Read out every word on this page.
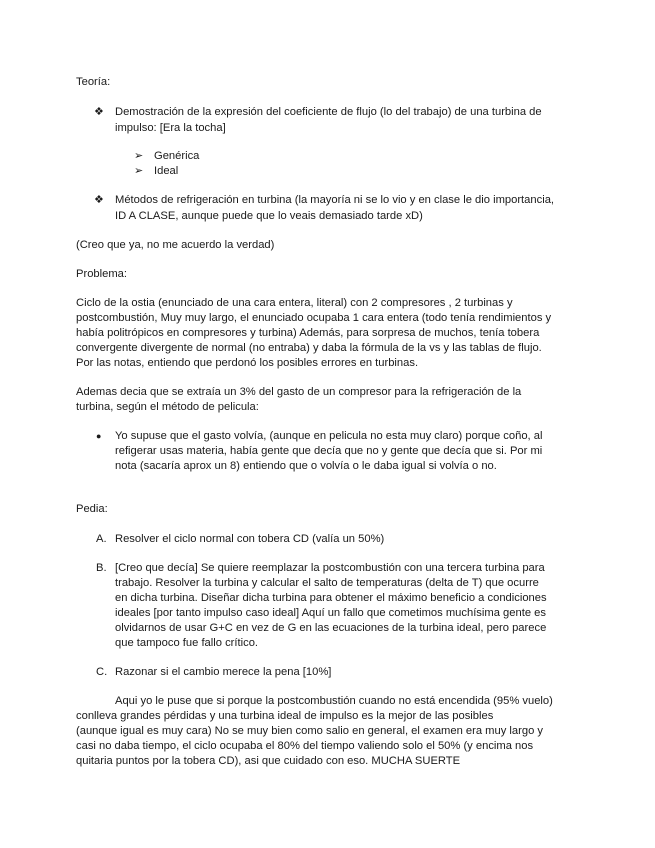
Teoría:
❖ Demostración de la expresión del coeficiente de flujo (lo del trabajo) de una turbina de
impulso: [Era la tocha]
➢ Genérica
➢ Ideal
❖ Métodos de refrigeración en turbina (la mayoría ni se lo vio y en clase le dio importancia,
ID A CLASE, aunque puede que lo veais demasiado tarde xD)
(Creo que ya, no me acuerdo la verdad)
Problema:
Ciclo de la ostia (enunciado de una cara entera, literal) con 2 compresores , 2 turbinas y
postcombustión, Muy muy largo, el enunciado ocupaba 1 cara entera (todo tenía rendimientos y
había politrópicos en compresores y turbina) Además, para sorpresa de muchos, tenía tobera
convergente divergente de normal (no entraba) y daba la fórmula de la vs y las tablas de flujo.
Por las notas, entiendo que perdonó los posibles errores en turbinas.
Ademas decia que se extraía un 3% del gasto de un compresor para la refrigeración de la
turbina, según el método de pelicula:
● Yo supuse que el gasto volvía, (aunque en pelicula no esta muy claro) porque coño, al
refigerar usas materia, había gente que decía que no y gente que decía que si. Por mi
nota (sacaría aprox un 8) entiendo que o volvía o le daba igual si volvía o no.
Pedia:
A. Resolver el ciclo normal con tobera CD (valía un 50%)
B. [Creo que decía] Se quiere reemplazar la postcombustión con una tercera turbina para
trabajo. Resolver la turbina y calcular el salto de temperaturas (delta de T) que ocurre
en dicha turbina. Diseñar dicha turbina para obtener el máximo beneficio a condiciones
ideales [por tanto impulso caso ideal] Aquí un fallo que cometimos muchísima gente es
olvidarnos de usar G+C en vez de G en las ecuaciones de la turbina ideal, pero parece
que tampoco fue fallo crítico.
C. Razonar si el cambio merece la pena [10%]
Aqui yo le puse que si porque la postcombustión cuando no está encendida (95% vuelo)
conlleva grandes pérdidas y una turbina ideal de impulso es la mejor de las posibles
(aunque igual es muy cara) No se muy bien como salio en general, el examen era muy largo y
casi no daba tiempo, el ciclo ocupaba el 80% del tiempo valiendo solo el 50% (y encima nos
quitaria puntos por la tobera CD), asi que cuidado con eso. MUCHA SUERTE
